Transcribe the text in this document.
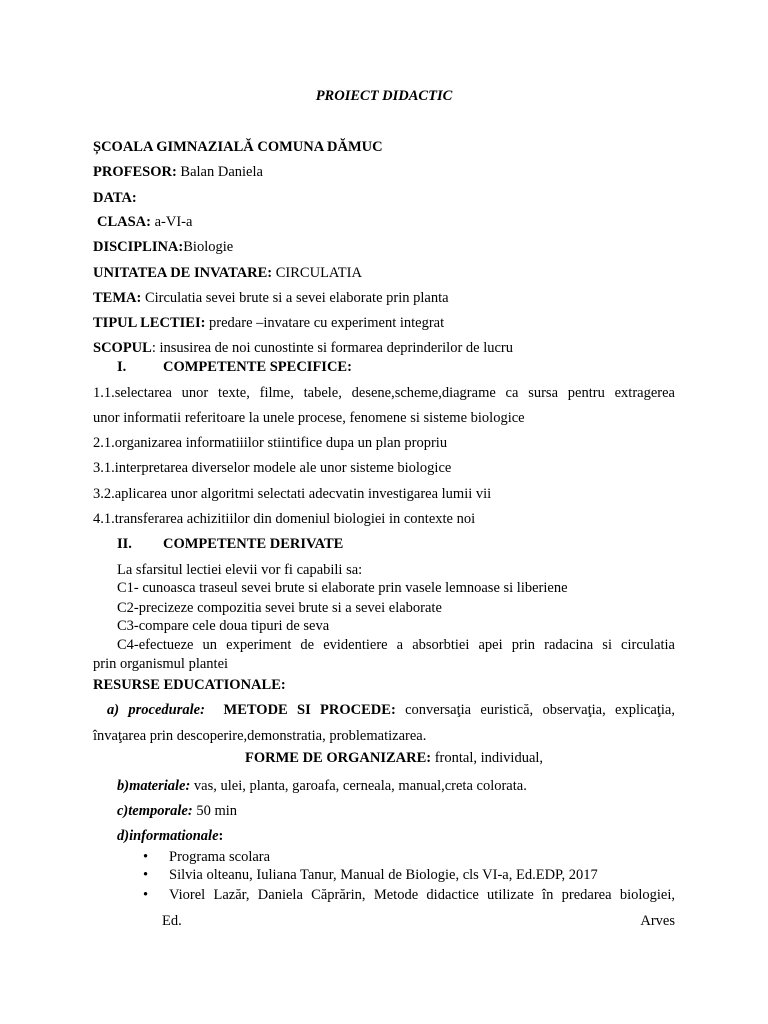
PROIECT DIDACTIC
ȘCOALA GIMNAZIALĂ COMUNA DĂMUC
PROFESOR: Balan Daniela
DATA:
CLASA: a-VI-a
DISCIPLINA:Biologie
UNITATEA DE INVATARE: CIRCULATIA
TEMA: Circulatia sevei brute si a sevei elaborate prin planta
TIPUL LECTIEI: predare –invatare cu experiment integrat
SCOPUL: insusirea de noi cunostinte si formarea deprinderilor de lucru
I.	COMPETENTE SPECIFICE:
1.1.selectarea unor texte, filme, tabele, desene,scheme,diagrame ca sursa pentru extragerea
unor informatii referitoare la unele procese, fenomene si sisteme biologice
2.1.organizarea informatiiilor stiintifice dupa un plan propriu
3.1.interpretarea diverselor modele ale unor sisteme biologice
3.2.aplicarea unor algoritmi selectati adecvatin investigarea lumii vii
4.1.transferarea achizitiilor din domeniul biologiei in contexte noi
II. COMPETENTE DERIVATE
La sfarsitul lectiei elevii vor fi capabili sa:
C1- cunoasca traseul sevei brute si elaborate prin vasele lemnoase si liberiene
C2-precizeze compozitia sevei brute si a sevei elaborate
C3-compare cele doua tipuri de seva
C4-efectueze un experiment de evidentiere a absorbtiei apei prin radacina si circulatia
prin organismul plantei
RESURSE EDUCATIONALE:
a) procedurale: METODE SI PROCEDE: conversaţia euristică, observaţia, explicaţia,
învaţarea prin descoperire,demonstratia, problematizarea.
FORME DE ORGANIZARE: frontal, individual,
b)materiale: vas, ulei, planta, garoafa, cerneala, manual,creta colorata.
c)temporale: 50 min
d)informationale:
• Programa scolara
• Silvia olteanu, Iuliana Tanur, Manual de Biologie, cls VI-a, Ed.EDP, 2017
• Viorel Lazăr, Daniela Căprărin, Metode didactice utilizate în predarea biologiei,
Ed.	Arves
